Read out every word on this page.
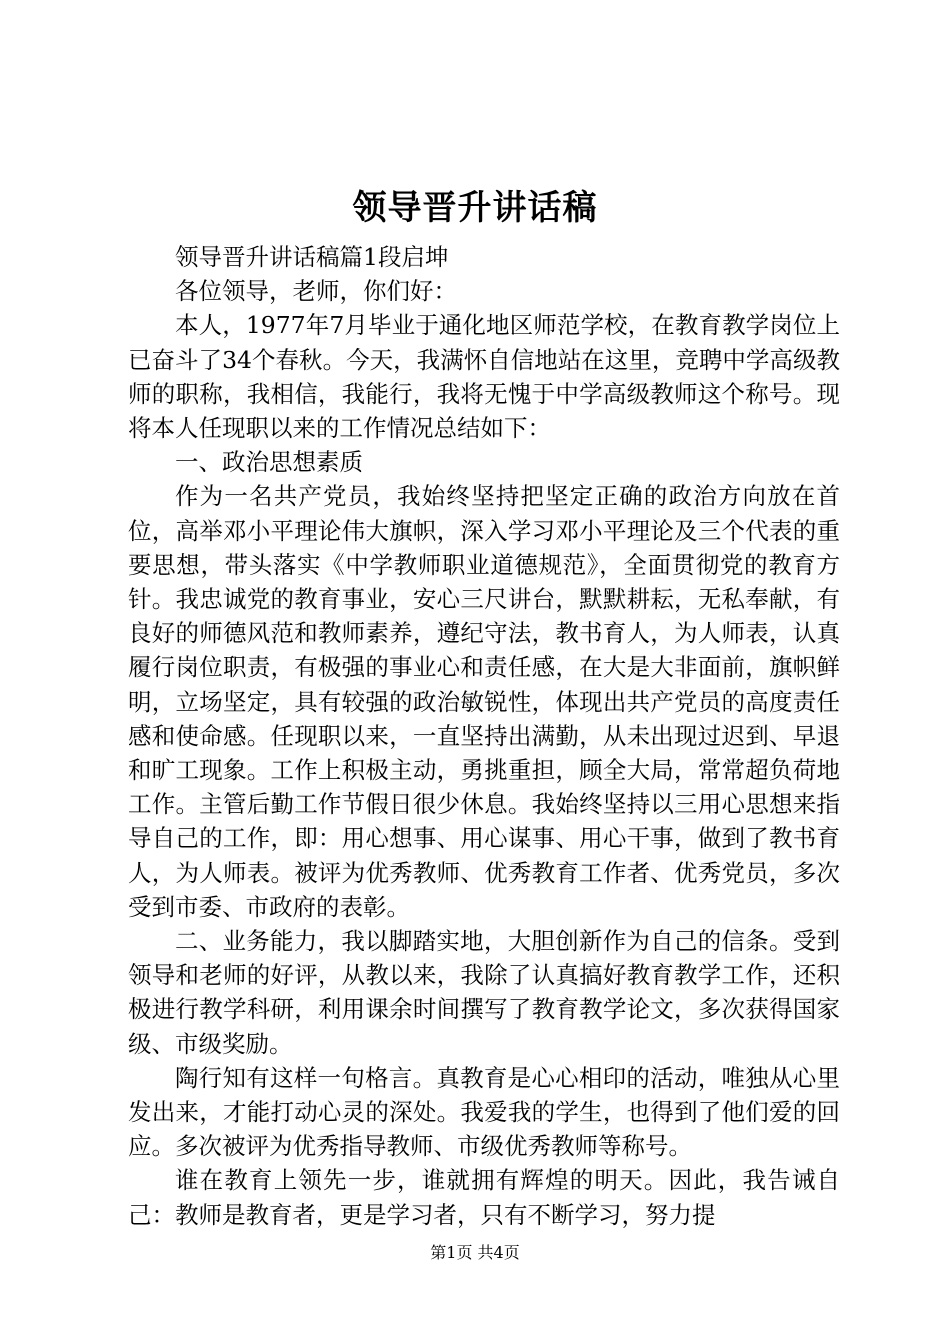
领导晋升讲话稿

领导晋升讲话稿篇1段启坤

各位领导，老师，你们好：

本人，1977年7月毕业于通化地区师范学校，在教育教学岗位上已奋斗了34个春秋。今天，我满怀自信地站在这里，竞聘中学高级教师的职称，我相信，我能行，我将无愧于中学高级教师这个称号。现将本人任现职以来的工作情况总结如下：

一、政治思想素质

作为一名共产党员，我始终坚持把坚定正确的政治方向放在首位，高举邓小平理论伟大旗帜，深入学习邓小平理论及三个代表的重要思想，带头落实《中学教师职业道德规范》，全面贯彻党的教育方针。我忠诚党的教育事业，安心三尺讲台，默默耕耘，无私奉献，有良好的师德风范和教师素养，遵纪守法，教书育人，为人师表，认真履行岗位职责，有极强的事业心和责任感，在大是大非面前，旗帜鲜明，立场坚定，具有较强的政治敏锐性，体现出共产党员的高度责任感和使命感。任现职以来，一直坚持出满勤，从未出现过迟到、早退和旷工现象。工作上积极主动，勇挑重担，顾全大局，常常超负荷地工作。主管后勤工作节假日很少休息。我始终坚持以三用心思想来指导自己的工作，即：用心想事、用心谋事、用心干事，做到了教书育人，为人师表。被评为优秀教师、优秀教育工作者、优秀党员，多次受到市委、市政府的表彰。

二、业务能力，我以脚踏实地，大胆创新作为自己的信条。受到领导和老师的好评，从教以来，我除了认真搞好教育教学工作，还积极进行教学科研，利用课余时间撰写了教育教学论文，多次获得国家级、市级奖励。

陶行知有这样一句格言。真教育是心心相印的活动，唯独从心里发出来，才能打动心灵的深处。我爱我的学生，也得到了他们爱的回应。多次被评为优秀指导教师、市级优秀教师等称号。

谁在教育上领先一步，谁就拥有辉煌的明天。因此，我告诫自己：教师是教育者，更是学习者，只有不断学习，努力提

第1页 共4页
